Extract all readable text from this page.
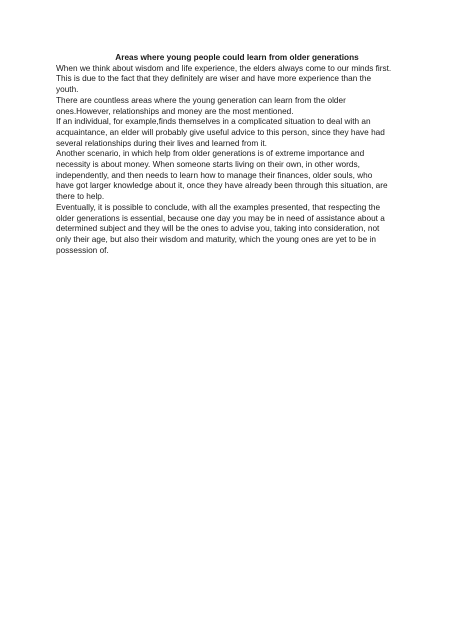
Areas where young people could learn from older generations

When we think about wisdom and life experience, the elders always come to our minds first.
This is due to the fact that they definitely are wiser and have more experience than the
youth.

There are countless areas where the young generation can learn from the older
ones.However, relationships and money are the most mentioned.

If an individual, for example,finds themselves in a complicated situation to deal with an
acquaintance, an elder will probably give useful advice to this person, since they have had
several relationships during their lives and learned from it.

Another scenario, in which help from older generations is of extreme importance and
necessity is about money. When someone starts living on their own, in other words,
independently, and then needs to learn how to manage their finances, older souls, who
have got larger knowledge about it, once they have already been through this situation, are
there to help.

Eventually, it is possible to conclude, with all the examples presented, that respecting the
older generations is essential, because one day you may be in need of assistance about a
determined subject and they will be the ones to advise you, taking into consideration, not
only their age, but also their wisdom and maturity, which the young ones are yet to be in
possession of.
